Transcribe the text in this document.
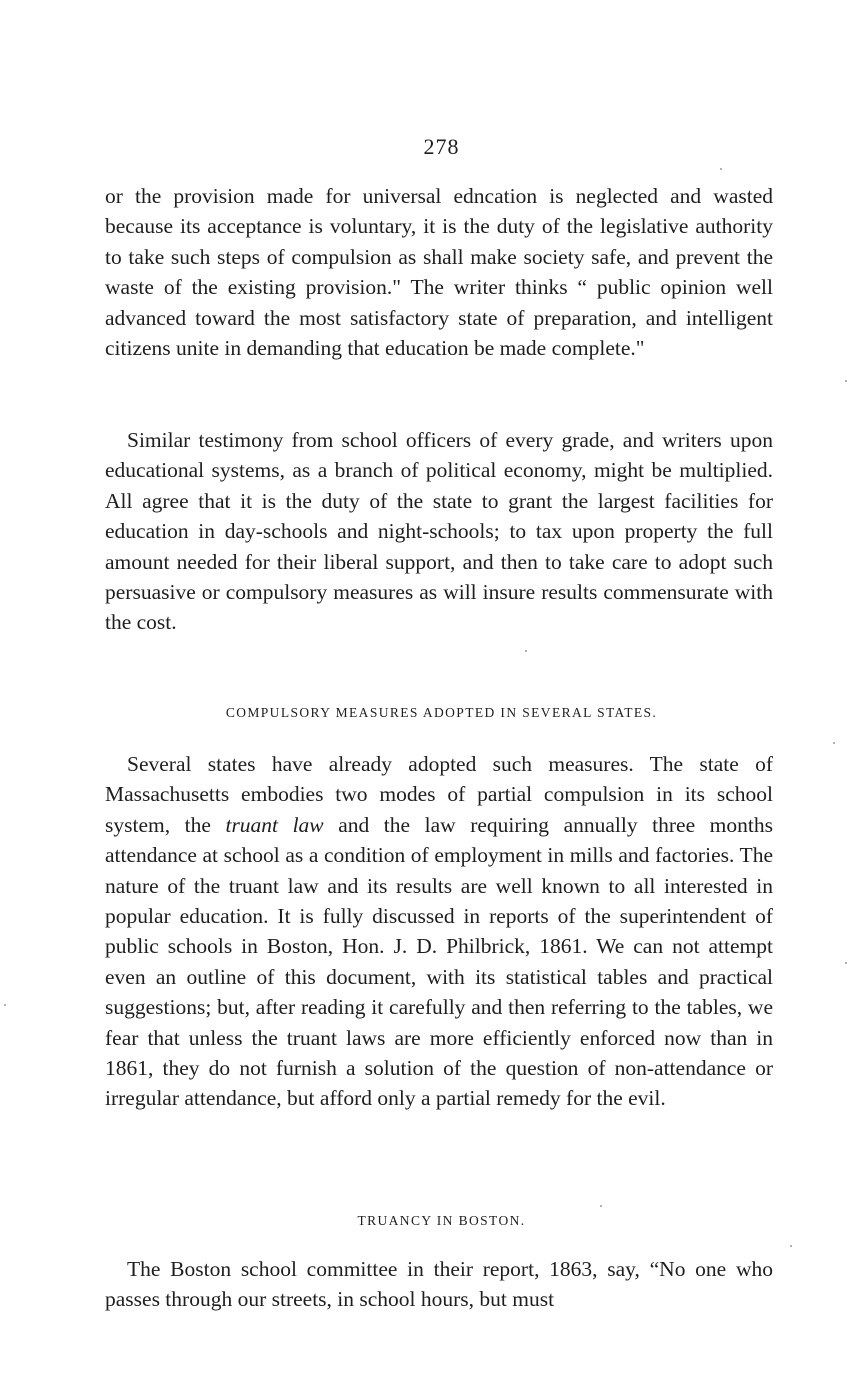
278

or the provision made for universal edncation is neglected and wasted because its acceptance is voluntary, it is the duty of the legislative authority to take such steps of compulsion as shall make society safe, and prevent the waste of the existing provision." The writer thinks “ public opinion well advanced toward the most satisfactory state of preparation, and intelligent citizens unite in demanding that education be made complete."

Similar testimony from school officers of every grade, and writers upon educational systems, as a branch of political economy, might be multiplied. All agree that it is the duty of the state to grant the largest facilities for education in day-schools and night-schools; to tax upon property the full amount needed for their liberal support, and then to take care to adopt such persuasive or compulsory measures as will insure results commensurate with the cost.

COMPULSORY MEASURES ADOPTED IN SEVERAL STATES.

Several states have already adopted such measures. The state of Massachusetts embodies two modes of partial compulsion in its school system, the truant law and the law requiring annually three months attendance at school as a condition of employment in mills and factories. The nature of the truant law and its results are well known to all interested in popular education. It is fully discussed in reports of the superintendent of public schools in Boston, Hon. J. D. Philbrick, 1861. We can not attempt even an outline of this document, with its statistical tables and practical suggestions; but, after reading it carefully and then referring to the tables, we fear that unless the truant laws are more efficiently enforced now than in 1861, they do not furnish a solution of the question of non-attendance or irregular attendance, but afford only a partial remedy for the evil.

TRUANCY IN BOSTON.

The Boston school committee in their report, 1863, say, “No one who passes through our streets, in school hours, but must
